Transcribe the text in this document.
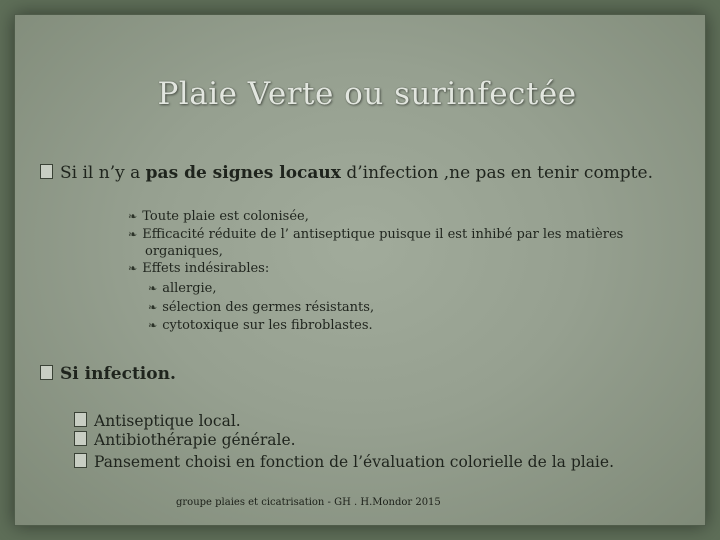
Plaie Verte ou surinfectée
Si il n’y a pas de signes locaux d’infection ,ne pas en tenir compte.
❧ Toute plaie est colonisée,
❧ Efficacité réduite de l’ antiseptique puisque il est inhibé par les matières
organiques,
❧ Effets indésirables:
❧ allergie,
❧ sélection des germes résistants,
❧ cytotoxique sur les fibroblastes.
Si infection.
Antiseptique local.
Antibiothérapie générale.
Pansement choisi en fonction de l’évaluation colorielle de la plaie.
groupe plaies et cicatrisation - GH . H.Mondor 2015
